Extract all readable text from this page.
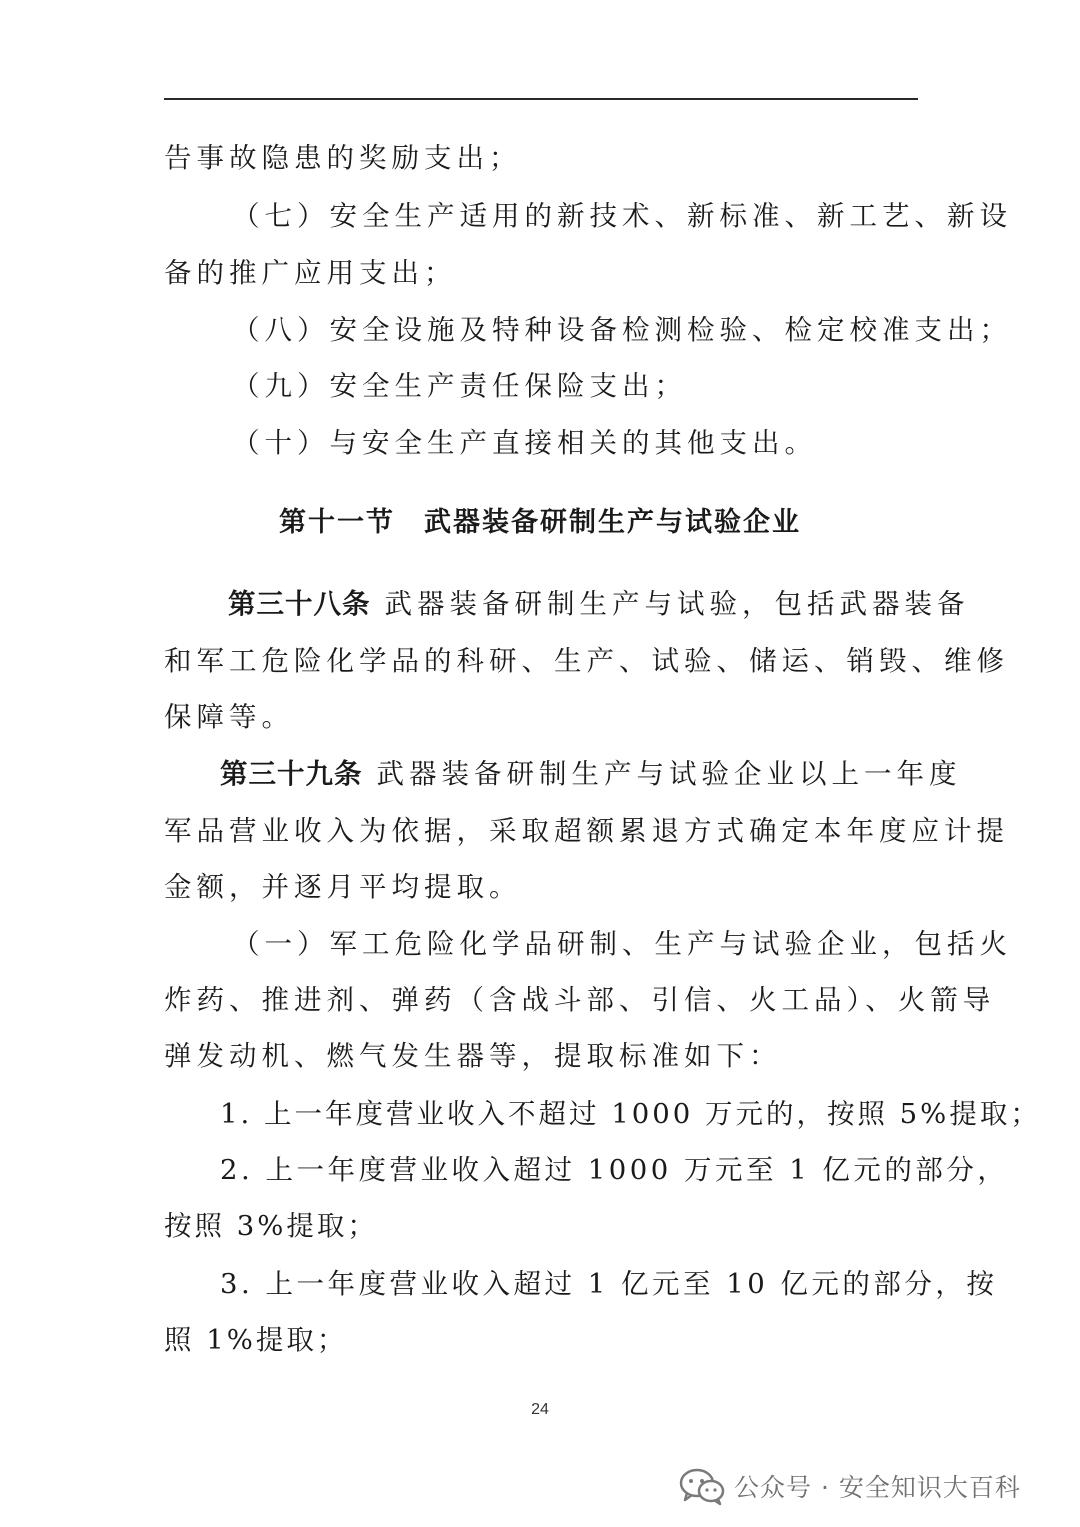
告事故隐患的奖励支出；
（七）安全生产适用的新技术、新标准、新工艺、新设
备的推广应用支出；
（八）安全设施及特种设备检测检验、检定校准支出；
（九）安全生产责任保险支出；
（十）与安全生产直接相关的其他支出。
第十一节　武器装备研制生产与试验企业
第三十八条 武器装备研制生产与试验，包括武器装备
和军工危险化学品的科研、生产、试验、储运、销毁、维修
保障等。
第三十九条 武器装备研制生产与试验企业以上一年度
军品营业收入为依据，采取超额累退方式确定本年度应计提
金额，并逐月平均提取。
（一）军工危险化学品研制、生产与试验企业，包括火
炸药、推进剂、弹药（含战斗部、引信、火工品）、火箭导
弹发动机、燃气发生器等，提取标准如下：
1. 上一年度营业收入不超过 1000 万元的，按照 5%提取；
2. 上一年度营业收入超过 1000 万元至 1 亿元的部分，
按照 3%提取；
3. 上一年度营业收入超过 1 亿元至 10 亿元的部分，按
照 1%提取；
24
公众号 · 安全知识大百科
